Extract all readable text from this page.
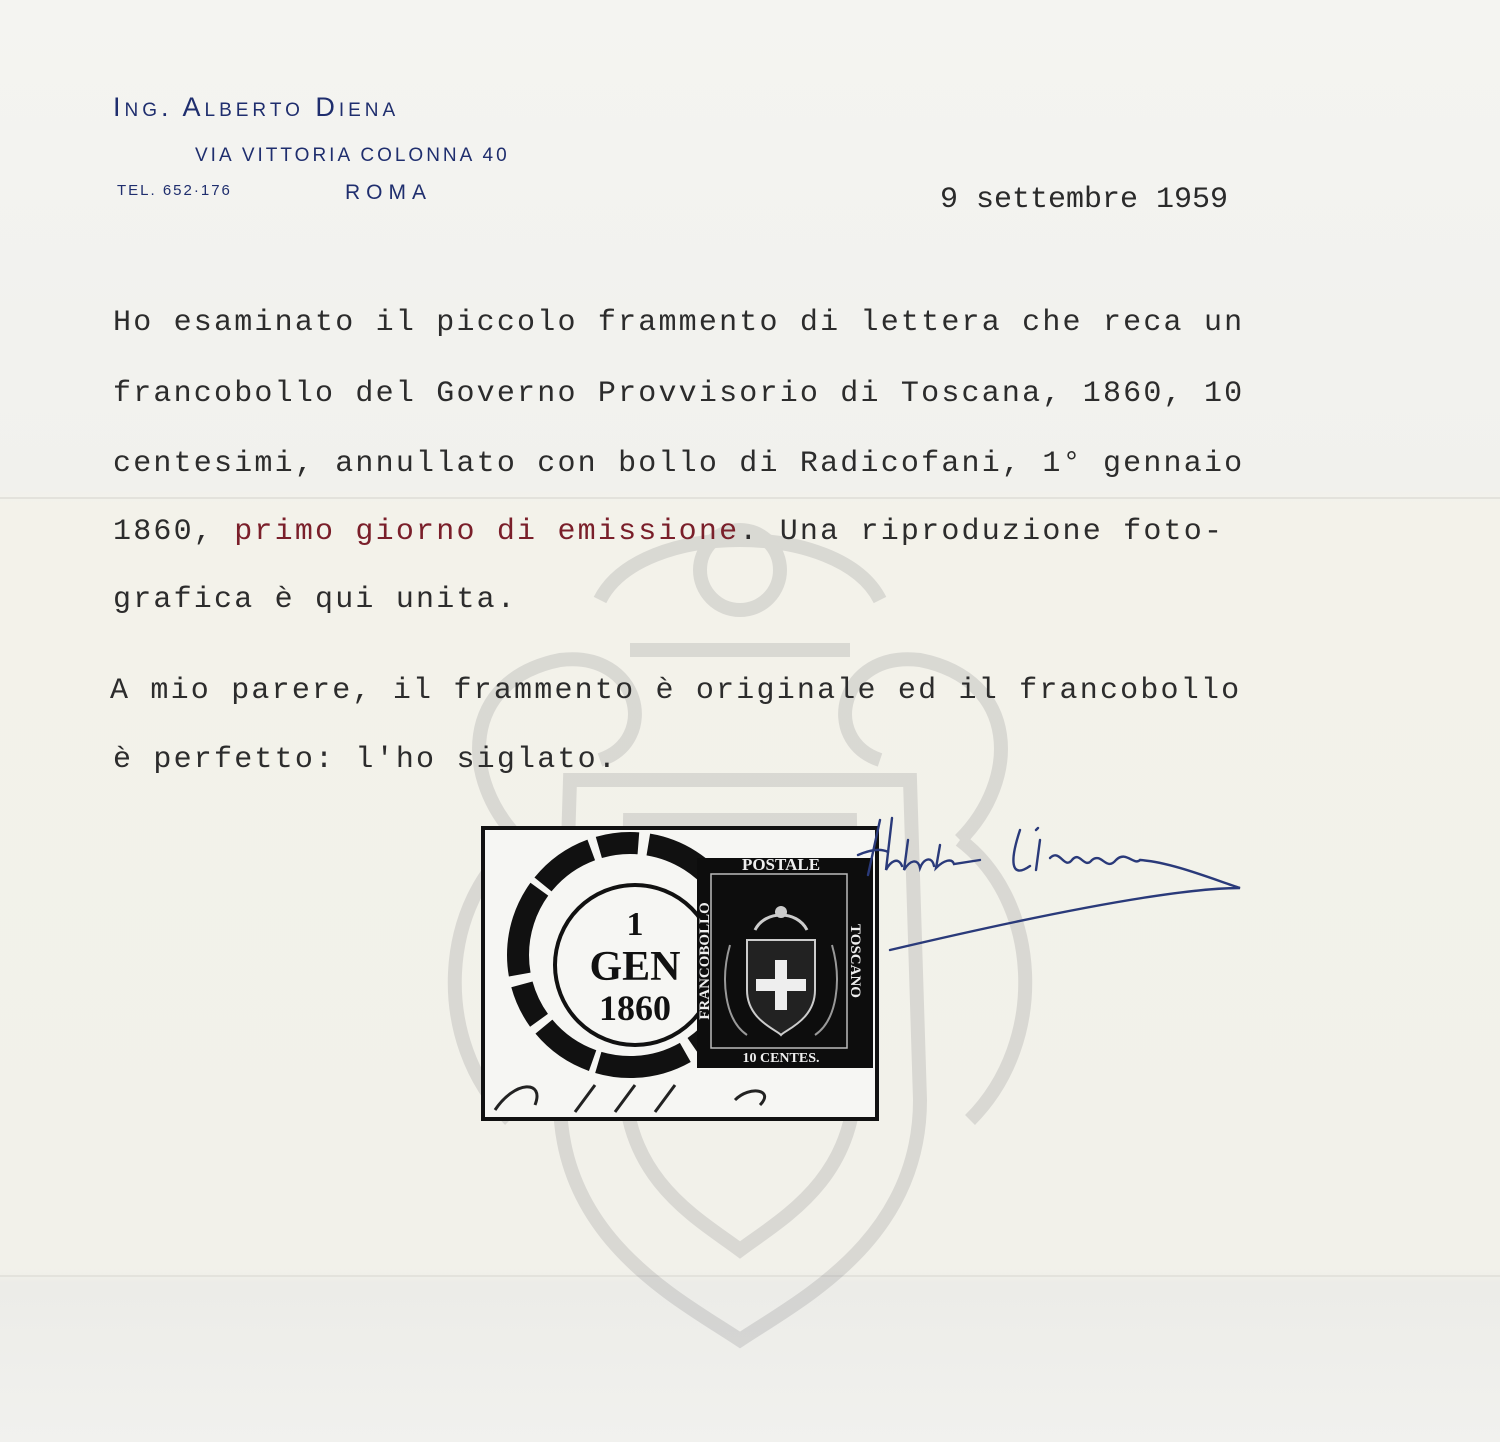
Ing. Alberto Diena
VIA VITTORIA COLONNA 40
TEL. 652·176	ROMA	9 settembre 1959
Ho esaminato il piccolo frammento di lettera che reca un
francobollo del Governo Provvisorio di Toscana, 1860, 10
centesimi, annullato con bollo di Radicofani, 1° gennaio
1860, primo giorno di emissione. Una riproduzione foto-
grafica è qui unita.
A mio parere, il frammento è originale ed il francobollo
è perfetto: l'ho siglato.
1
GEN
1860
POSTALE
10 CENTES.
FRANCOBOLLO	TOSCANO
